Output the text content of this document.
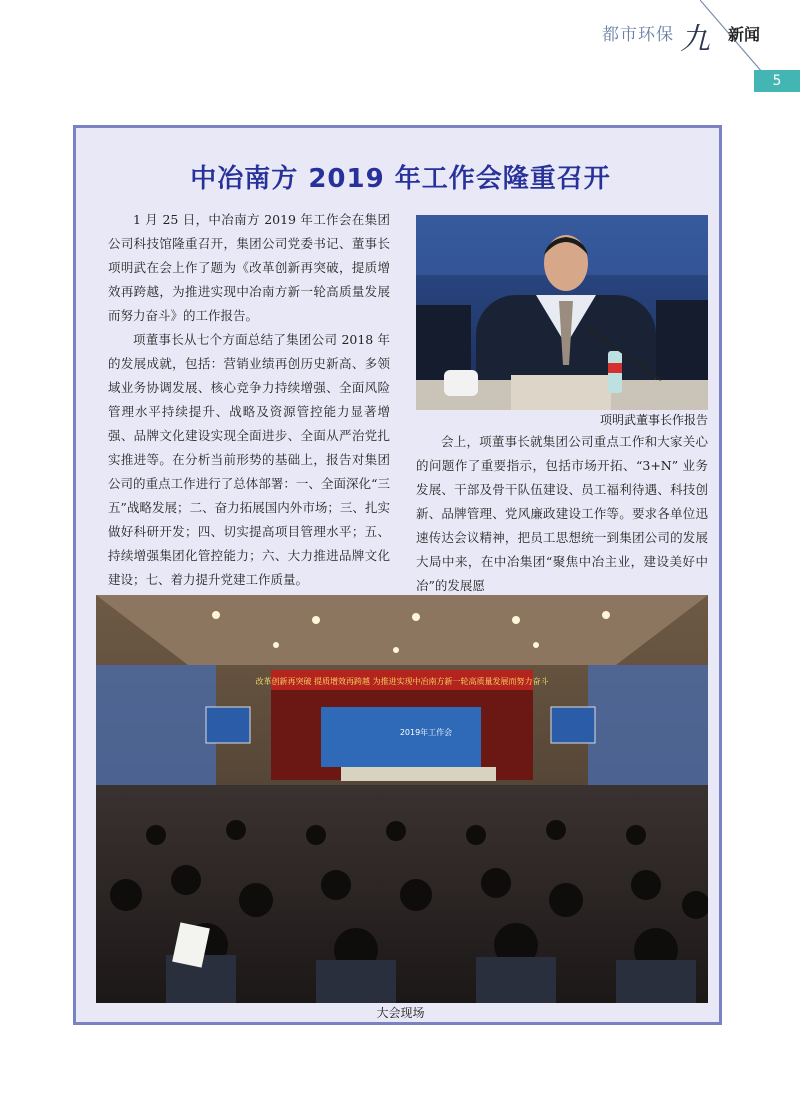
都市环保 九 新闻
5
中冶南方 2019 年工作会隆重召开

1 月 25 日，中冶南方 2019 年工作会在集团公司科技馆隆重召开，集团公司党委书记、董事长项明武在会上作了题为《改革创新再突破，提质增效再跨越，为推进实现中冶南方新一轮高质量发展而努力奋斗》的工作报告。

项董事长从七个方面总结了集团公司 2018 年的发展成就，包括：营销业绩再创历史新高、多领域业务协调发展、核心竞争力持续增强、全面风险管理水平持续提升、战略及资源管控能力显著增强、品牌文化建设实现全面进步、全面从严治党扎实推进等。在分析当前形势的基础上，报告对集团公司的重点工作进行了总体部署：一、全面深化“三五”战略发展；二、奋力拓展国内外市场；三、扎实做好科研开发；四、切实提高项目管理水平；五、持续增强集团化管控能力；六、大力推进品牌文化建设；七、着力提升党建工作质量。

项明武董事长作报告

会上，项董事长就集团公司重点工作和大家关心的问题作了重要指示，包括市场开拓、“3+N” 业务发展、干部及骨干队伍建设、员工福利待遇、科技创新、品牌管理、党风廉政建设工作等。要求各单位迅速传达会议精神，把员工思想统一到集团公司的发展大局中来，在中冶集团“聚焦中冶主业，建设美好中冶”的发展愿

改革创新再突破 提质增效再跨越 为推进实现中冶南方新一轮高质量发展而努力奋斗
2019年工作会
大会现场
